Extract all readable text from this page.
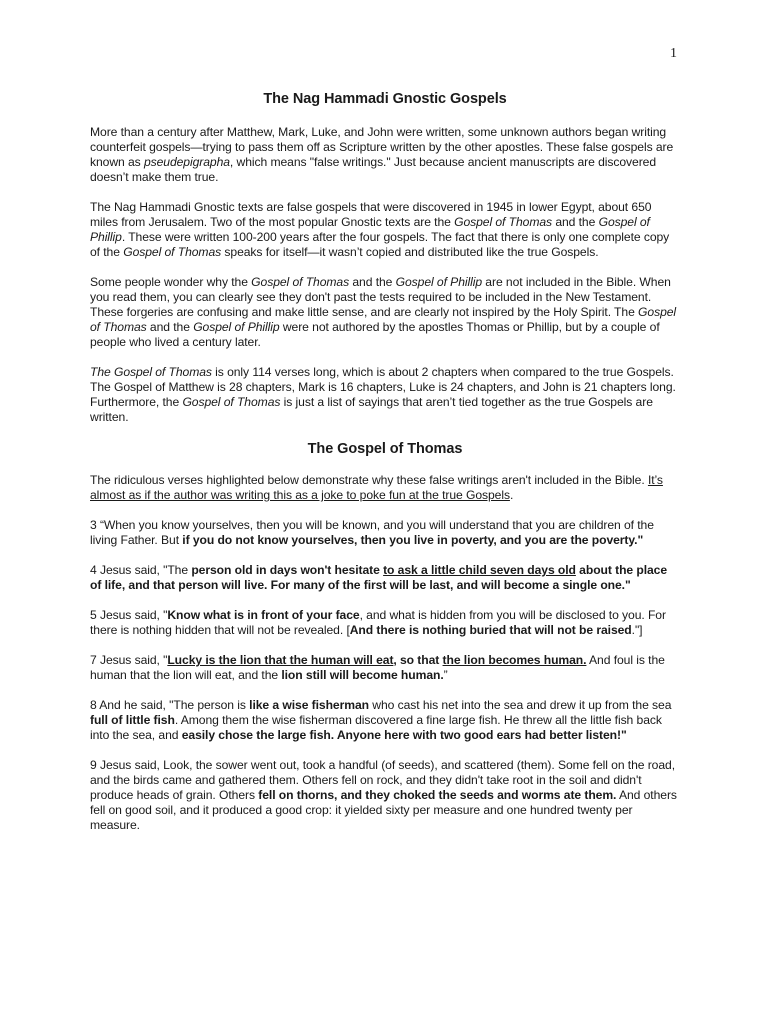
1
The Nag Hammadi Gnostic Gospels

More than a century after Matthew, Mark, Luke, and John were written, some unknown authors began writing counterfeit gospels—trying to pass them off as Scripture written by the other apostles. These false gospels are known as pseudepigrapha, which means "false writings." Just because ancient manuscripts are discovered doesn’t make them true.

The Nag Hammadi Gnostic texts are false gospels that were discovered in 1945 in lower Egypt, about 650 miles from Jerusalem. Two of the most popular Gnostic texts are the Gospel of Thomas and the Gospel of Phillip. These were written 100-200 years after the four gospels. The fact that there is only one complete copy of the Gospel of Thomas speaks for itself—it wasn’t copied and distributed like the true Gospels.

Some people wonder why the Gospel of Thomas and the Gospel of Phillip are not included in the Bible. When you read them, you can clearly see they don't past the tests required to be included in the New Testament. These forgeries are confusing and make little sense, and are clearly not inspired by the Holy Spirit. The Gospel of Thomas and the Gospel of Phillip were not authored by the apostles Thomas or Phillip, but by a couple of people who lived a century later.

The Gospel of Thomas is only 114 verses long, which is about 2 chapters when compared to the true Gospels. The Gospel of Matthew is 28 chapters, Mark is 16 chapters, Luke is 24 chapters, and John is 21 chapters long. Furthermore, the Gospel of Thomas is just a list of sayings that aren’t tied together as the true Gospels are written.

The Gospel of Thomas

The ridiculous verses highlighted below demonstrate why these false writings aren't included in the Bible. It’s almost as if the author was writing this as a joke to poke fun at the true Gospels.

3 “When you know yourselves, then you will be known, and you will understand that you are children of the living Father. But if you do not know yourselves, then you live in poverty, and you are the poverty."

4 Jesus said, "The person old in days won't hesitate to ask a little child seven days old about the place of life, and that person will live. For many of the first will be last, and will become a single one."

5 Jesus said, "Know what is in front of your face, and what is hidden from you will be disclosed to you. For there is nothing hidden that will not be revealed. [And there is nothing buried that will not be raised."]

7 Jesus said, "Lucky is the lion that the human will eat, so that the lion becomes human. And foul is the human that the lion will eat, and the lion still will become human.”

8 And he said, "The person is like a wise fisherman who cast his net into the sea and drew it up from the sea full of little fish. Among them the wise fisherman discovered a fine large fish. He threw all the little fish back into the sea, and easily chose the large fish. Anyone here with two good ears had better listen!"

9 Jesus said, Look, the sower went out, took a handful (of seeds), and scattered (them). Some fell on the road, and the birds came and gathered them. Others fell on rock, and they didn't take root in the soil and didn't produce heads of grain. Others fell on thorns, and they choked the seeds and worms ate them. And others fell on good soil, and it produced a good crop: it yielded sixty per measure and one hundred twenty per measure.
